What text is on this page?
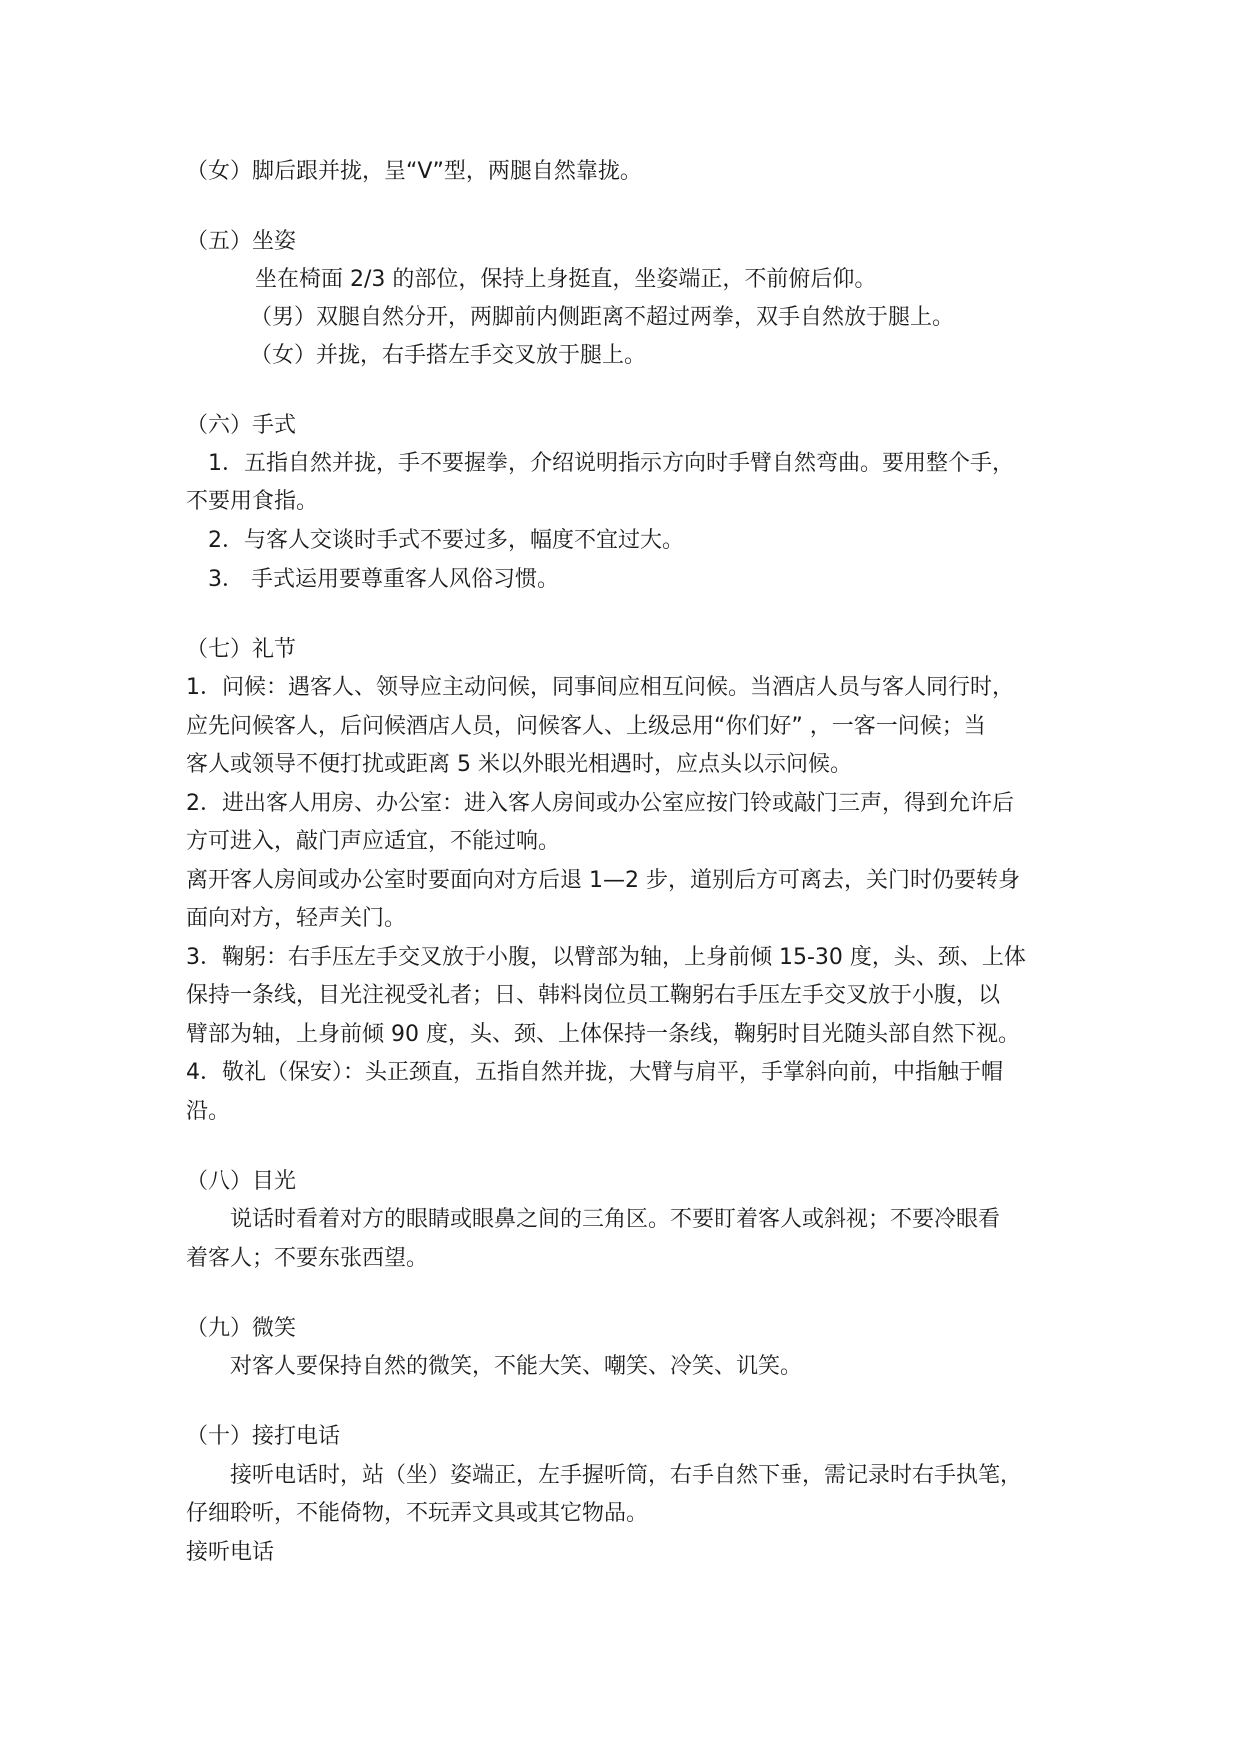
（女）脚后跟并拢，呈“V”型，两腿自然靠拢。
（五）坐姿
坐在椅面 2/3 的部位，保持上身挺直，坐姿端正，不前俯后仰。
（男）双腿自然分开，两脚前内侧距离不超过两拳，双手自然放于腿上。
（女）并拢，右手搭左手交叉放于腿上。
（六）手式
1．五指自然并拢，手不要握拳，介绍说明指示方向时手臂自然弯曲。要用整个手，
不要用食指。
2．与客人交谈时手式不要过多，幅度不宜过大。
3． 手式运用要尊重客人风俗习惯。
（七）礼节
1．问候：遇客人、领导应主动问候，同事间应相互问候。当酒店人员与客人同行时，
应先问候客人，后问候酒店人员，问候客人、上级忌用“你们好” ，一客一问候；当
客人或领导不便打扰或距离 5 米以外眼光相遇时，应点头以示问候。
2．进出客人用房、办公室：进入客人房间或办公室应按门铃或敲门三声，得到允许后
方可进入，敲门声应适宜，不能过响。
离开客人房间或办公室时要面向对方后退 1—2 步，道别后方可离去，关门时仍要转身
面向对方，轻声关门。
3．鞠躬：右手压左手交叉放于小腹，以臂部为轴，上身前倾 15-30 度，头、颈、上体
保持一条线，目光注视受礼者；日、韩料岗位员工鞠躬右手压左手交叉放于小腹，以
臂部为轴，上身前倾 90 度，头、颈、上体保持一条线，鞠躬时目光随头部自然下视。
4．敬礼（保安）：头正颈直，五指自然并拢，大臂与肩平，手掌斜向前，中指触于帽
沿。
（八）目光
说话时看着对方的眼睛或眼鼻之间的三角区。不要盯着客人或斜视；不要冷眼看
着客人；不要东张西望。
（九）微笑
对客人要保持自然的微笑，不能大笑、嘲笑、冷笑、讥笑。
（十）接打电话
接听电话时，站（坐）姿端正，左手握听筒，右手自然下垂，需记录时右手执笔，
仔细聆听，不能倚物，不玩弄文具或其它物品。
接听电话
